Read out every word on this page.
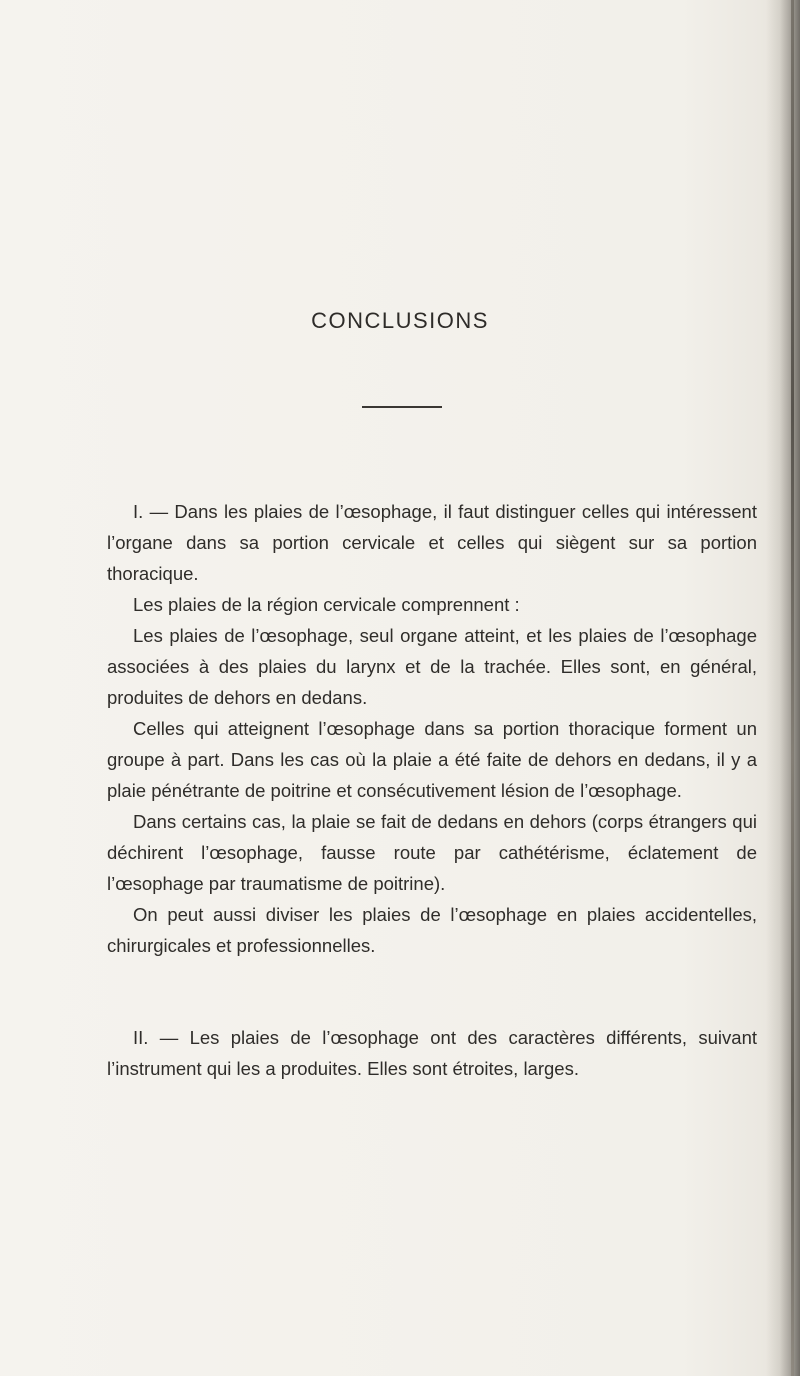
CONCLUSIONS

I. — Dans les plaies de l’œsophage, il faut distinguer celles qui intéressent l’organe dans sa portion cervicale et celles qui siègent sur sa portion thoracique.

Les plaies de la région cervicale comprennent :

Les plaies de l’œsophage, seul organe atteint, et les plaies de l’œsophage associées à des plaies du larynx et de la trachée. Elles sont, en général, produites de dehors en dedans.

Celles qui atteignent l’œsophage dans sa portion thoracique forment un groupe à part. Dans les cas où la plaie a été faite de dehors en dedans, il y a plaie pénétrante de poitrine et consécutivement lésion de l’œsophage.

Dans certains cas, la plaie se fait de dedans en dehors (corps étrangers qui déchirent l’œsophage, fausse route par cathétérisme, éclatement de l’œsophage par traumatisme de poitrine).

On peut aussi diviser les plaies de l’œsophage en plaies accidentelles, chirurgicales et professionnelles.

II. — Les plaies de l’œsophage ont des caractères différents, suivant l’instrument qui les a produites. Elles sont étroites, larges.
